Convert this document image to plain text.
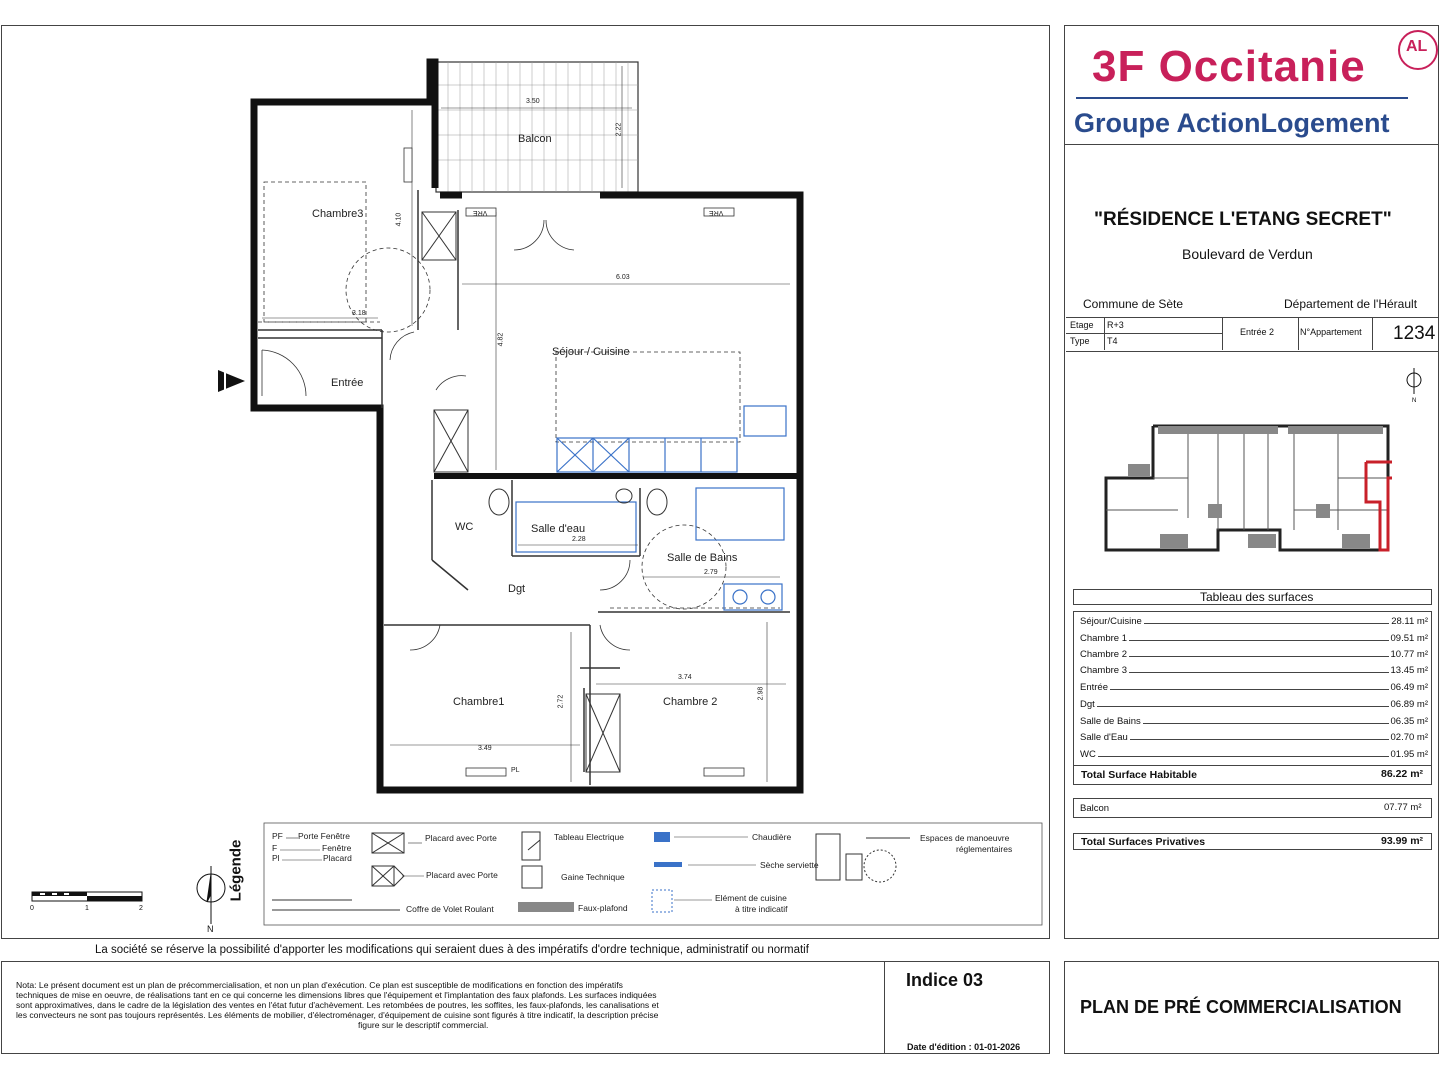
Balcon
Chambre3
Séjour / Cuisine
Entrée
WC	Salle d'eau
Salle de Bains
Dgt
Chambre1	Chambre 2
3.50
2.22
4.10
3.18
6.03
4.82
2.28
2.79
3.49
2.72
3.74
2.98
VRE	VRE
PL
N
0	1	2
Légende
PF Porte Fenêtre
F	Fenêtre
Pl	Placard
Placard avec Porte
Placard avec Porte
Tableau Electrique
Gaine Technique
Faux-plafond
Coffre de Volet Roulant
Chaudière
Sèche serviette
Elément de cuisine
à titre indicatif
Espaces de manoeuvre
réglementaires
3F Occitanie	AL
Groupe ActionLogement
"RÉSIDENCE L'ETANG SECRET"
Boulevard de Verdun
Commune de Sète	Département de l'Hérault
Etage R+3
Type T4
Entrée 2	N°Appartement 1234
N
Tableau des surfaces
Séjour/Cuisine	28.11 m²
Chambre 1	09.51 m²
Chambre 2	10.77 m²
Chambre 3	13.45 m²
Entrée	06.49 m²
Dgt	06.89 m²
Salle de Bains	06.35 m²
Salle d'Eau	02.70 m²
WC	01.95 m²
Total Surface Habitable	86.22 m²
Balcon	07.77 m²
Total Surfaces Privatives	93.99 m²
La société se réserve la possibilité d'apporter les modifications qui seraient dues à des impératifs d'ordre technique, administratif ou normatif
Nota: Le présent document est un plan de précommercialisation, et non un plan d'exécution. Ce plan est susceptible de modifications en fonction des impératifs
techniques de mise en oeuvre, de réalisations tant en ce qui concerne les dimensions libres que l'équipement et l'implantation des faux plafonds. Les surfaces indiquées
sont approximatives, dans le cadre de la législation des ventes en l'état futur d'achèvement. Les retombées de poutres, les soffites, les faux-plafonds, les canalisations et
les convecteurs ne sont pas toujours représentés. Les éléments de mobilier, d'électroménager, d'équipement de cuisine sont figurés à titre indicatif, la description précise
figure sur le descriptif commercial.
Indice 03
Date d'édition : 01-01-2026
PLAN DE PRÉ COMMERCIALISATION
